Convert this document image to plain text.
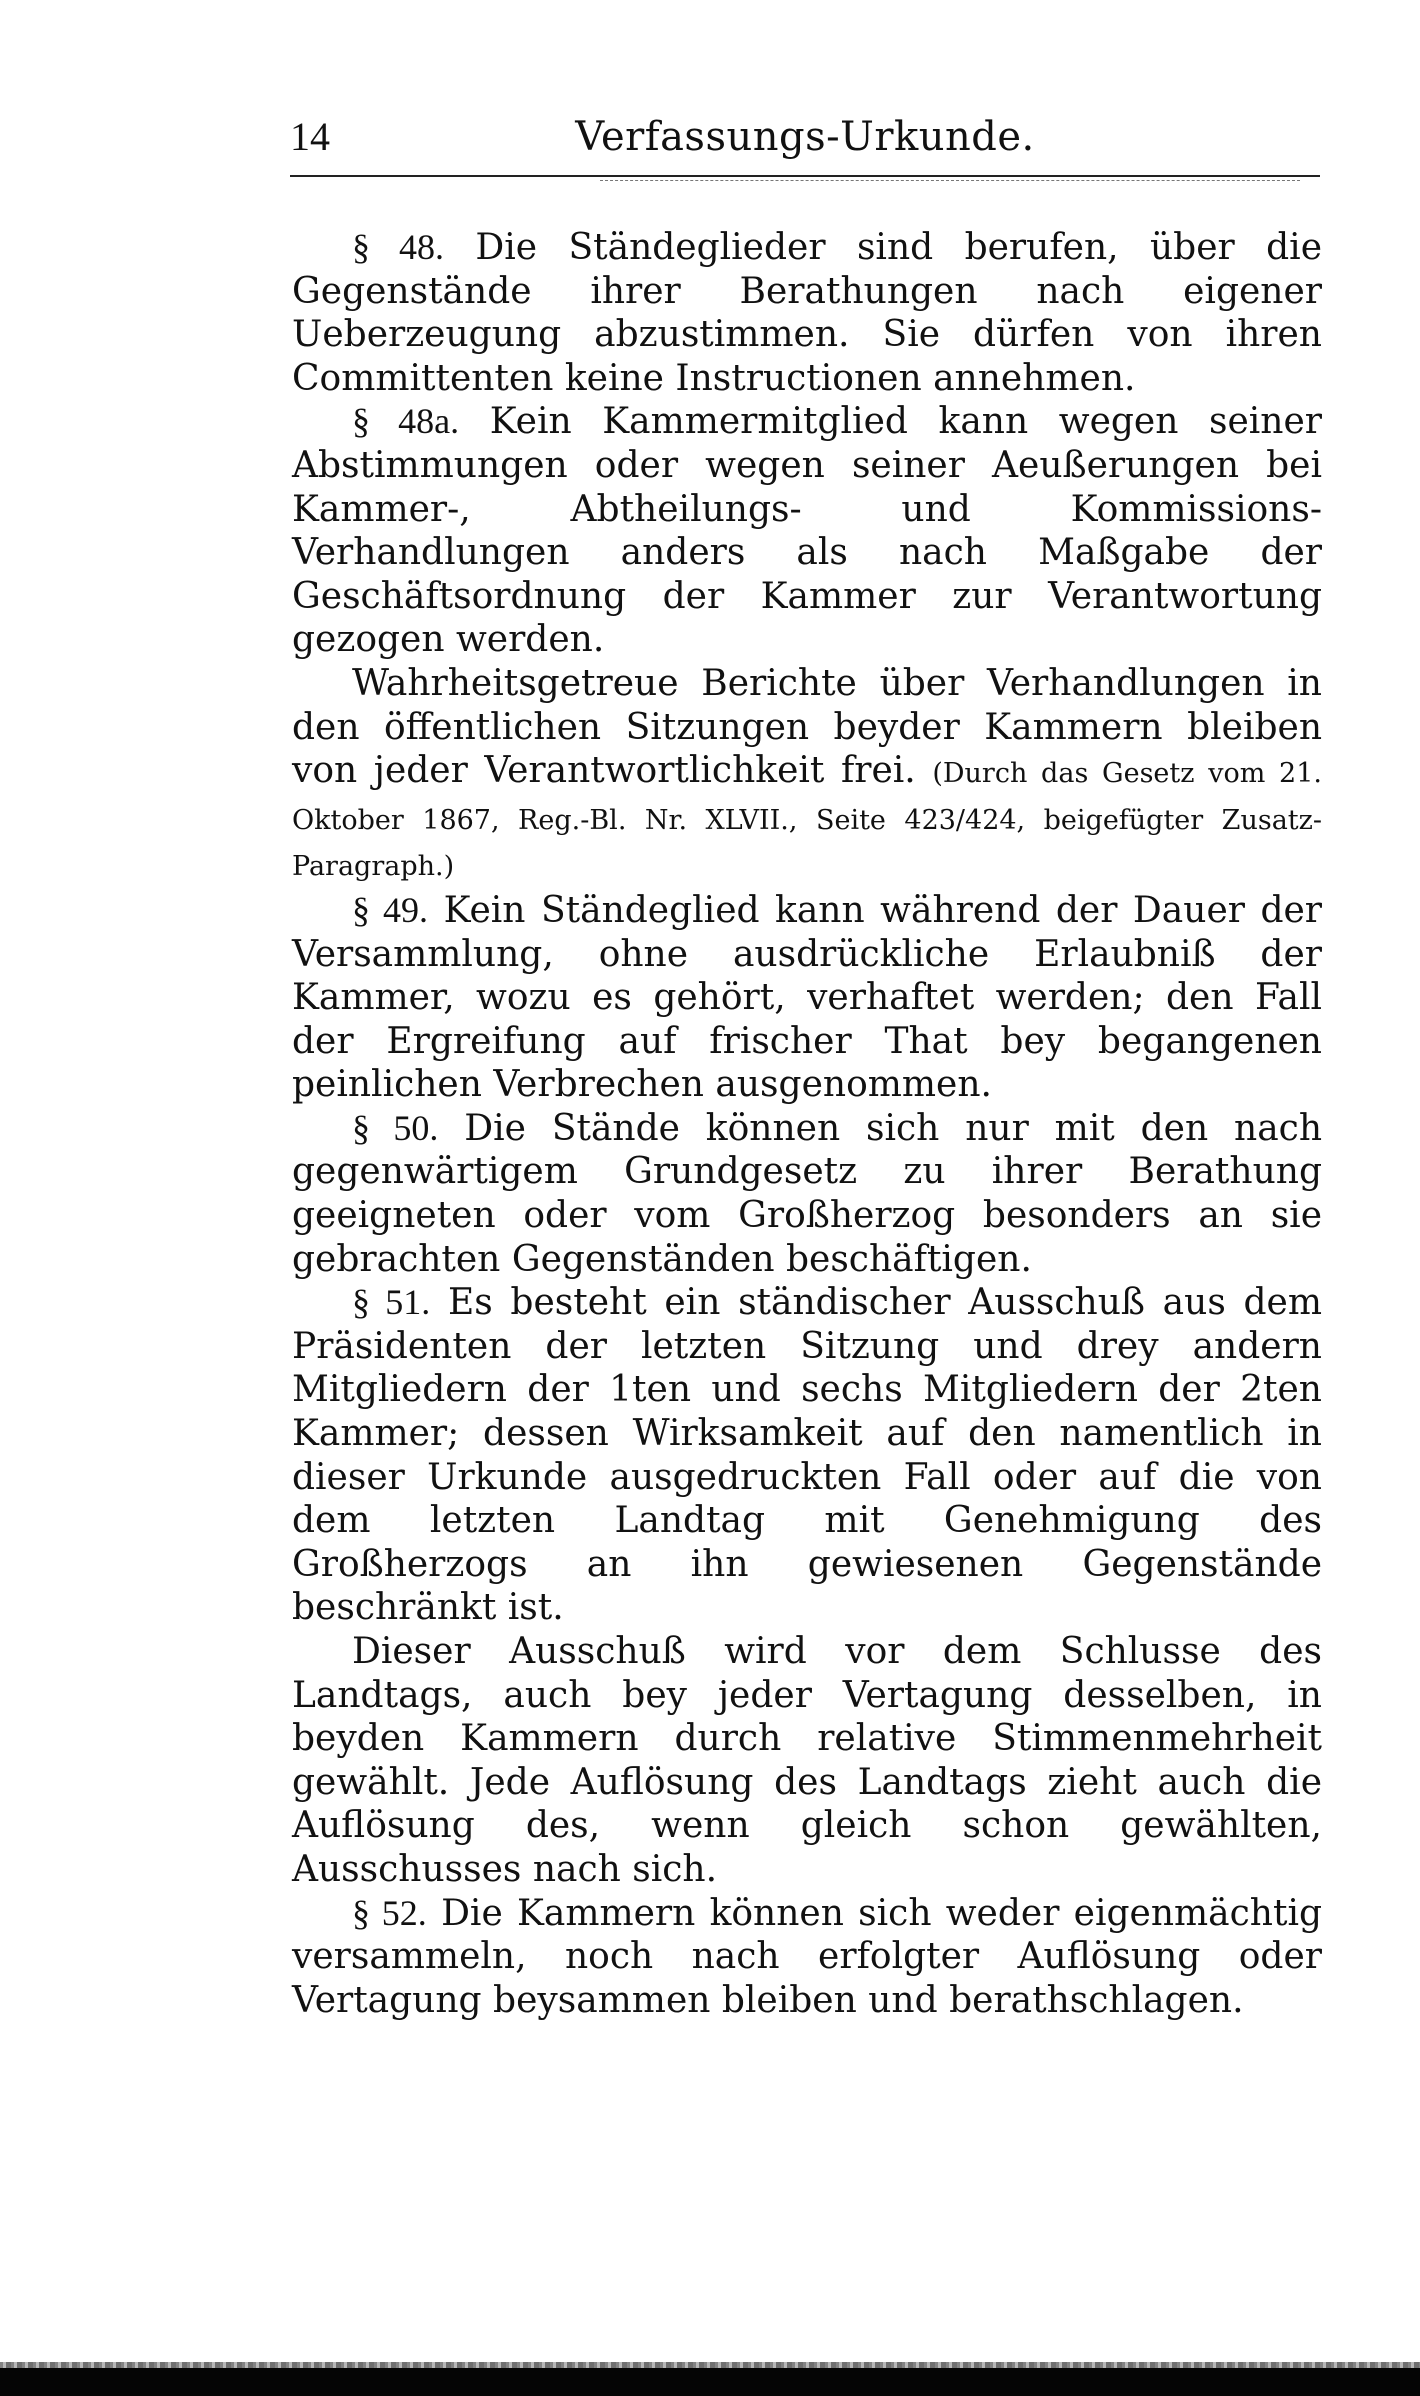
14	Verfassungs-Urkunde.

§ 48. Die Ständeglieder sind berufen, über die Gegenstände ihrer Berathungen nach eigener Ueberzeugung abzustimmen. Sie dürfen von ihren Committenten keine Instructionen annehmen.

§ 48a. Kein Kammermitglied kann wegen seiner Abstimmungen oder wegen seiner Aeußerungen bei Kammer-, Abtheilungs- und Kommissions-Verhandlungen anders als nach Maßgabe der Geschäftsordnung der Kammer zur Verantwortung gezogen werden.

Wahrheitsgetreue Berichte über Verhandlungen in den öffentlichen Sitzungen beyder Kammern bleiben von jeder Verantwortlichkeit frei. (Durch das Gesetz vom 21. Oktober 1867, Reg.-Bl. Nr. XLVII., Seite 423/424, beigefügter Zusatz-Paragraph.)

§ 49. Kein Ständeglied kann während der Dauer der Versammlung, ohne ausdrückliche Erlaubniß der Kammer, wozu es gehört, verhaftet werden; den Fall der Ergreifung auf frischer That bey begangenen peinlichen Verbrechen ausgenommen.

§ 50. Die Stände können sich nur mit den nach gegenwärtigem Grundgesetz zu ihrer Berathung geeigneten oder vom Großherzog besonders an sie gebrachten Gegenständen beschäftigen.

§ 51. Es besteht ein ständischer Ausschuß aus dem Präsidenten der letzten Sitzung und drey andern Mitgliedern der 1ten und sechs Mitgliedern der 2ten Kammer; dessen Wirksamkeit auf den namentlich in dieser Urkunde ausgedruckten Fall oder auf die von dem letzten Landtag mit Genehmigung des Großherzogs an ihn gewiesenen Gegenstände beschränkt ist.

Dieser Ausschuß wird vor dem Schlusse des Landtags, auch bey jeder Vertagung desselben, in beyden Kammern durch relative Stimmenmehrheit gewählt. Jede Auflösung des Landtags zieht auch die Auflösung des, wenn gleich schon gewählten, Ausschusses nach sich.

§ 52. Die Kammern können sich weder eigenmächtig versammeln, noch nach erfolgter Auflösung oder Vertagung beysammen bleiben und berathschlagen.
